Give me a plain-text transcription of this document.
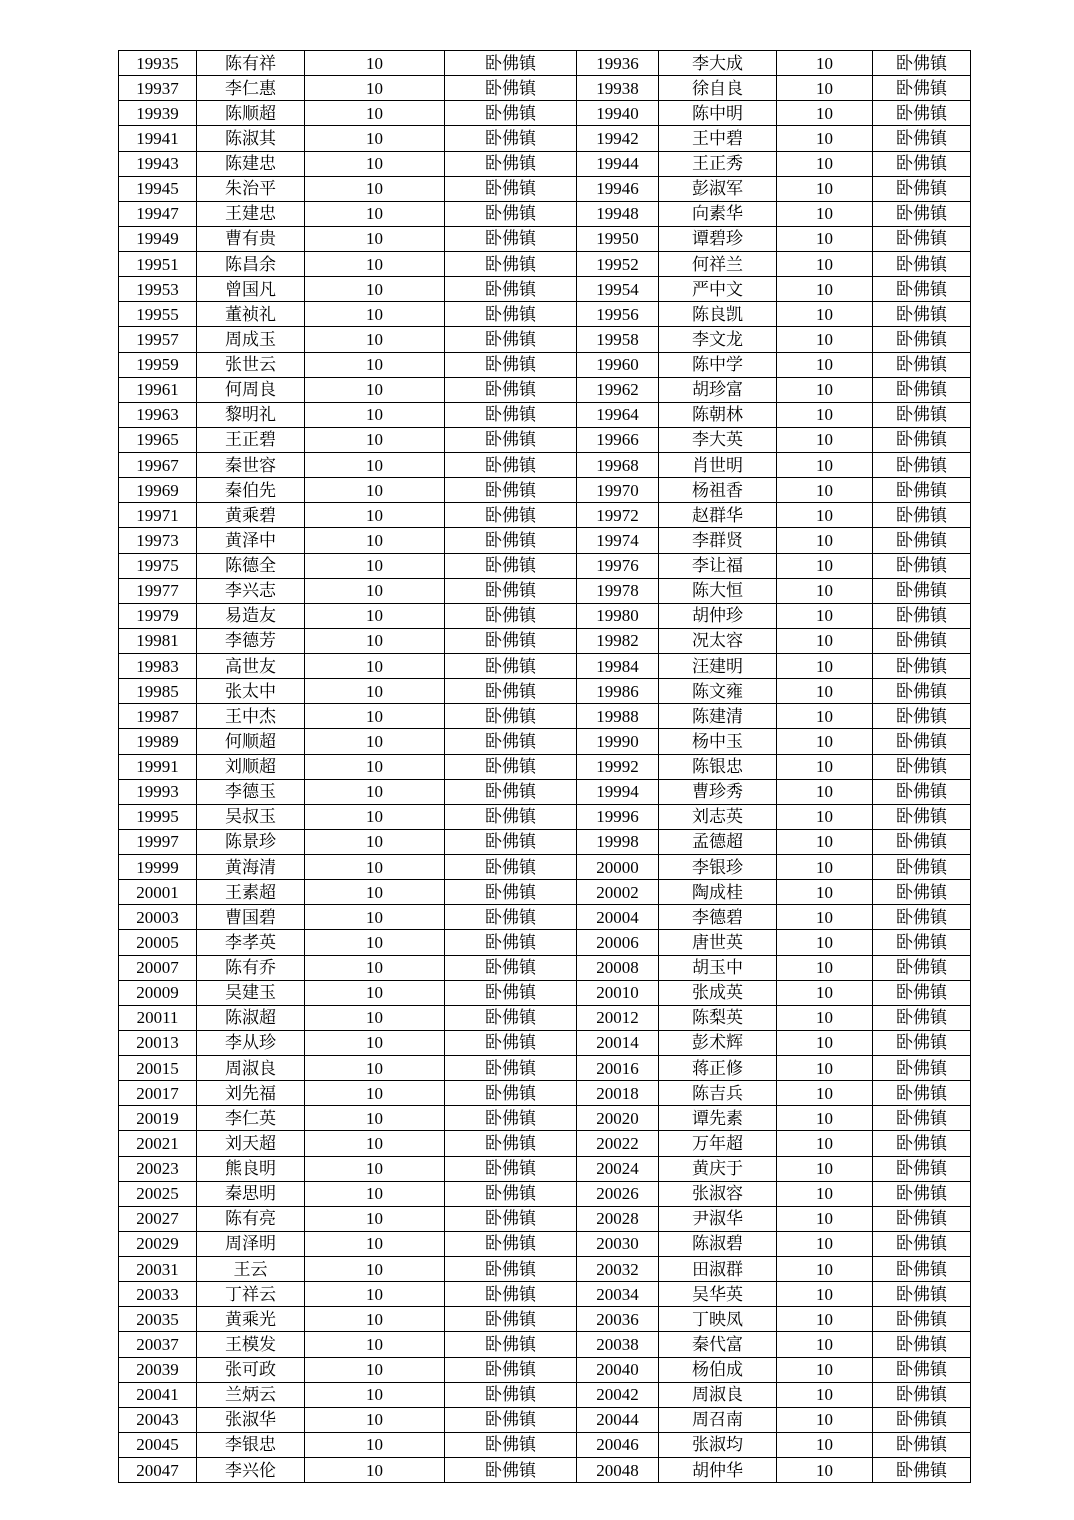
19935	陈有祥	10	卧佛镇	19936	李大成	10	卧佛镇
19937	李仁惠	10	卧佛镇	19938	徐自良	10	卧佛镇
19939	陈顺超	10	卧佛镇	19940	陈中明	10	卧佛镇
19941	陈淑其	10	卧佛镇	19942	王中碧	10	卧佛镇
19943	陈建忠	10	卧佛镇	19944	王正秀	10	卧佛镇
19945	朱治平	10	卧佛镇	19946	彭淑军	10	卧佛镇
19947	王建忠	10	卧佛镇	19948	向素华	10	卧佛镇
19949	曹有贵	10	卧佛镇	19950	谭碧珍	10	卧佛镇
19951	陈昌余	10	卧佛镇	19952	何祥兰	10	卧佛镇
19953	曾国凡	10	卧佛镇	19954	严中文	10	卧佛镇
19955	董祯礼	10	卧佛镇	19956	陈良凯	10	卧佛镇
19957	周成玉	10	卧佛镇	19958	李文龙	10	卧佛镇
19959	张世云	10	卧佛镇	19960	陈中学	10	卧佛镇
19961	何周良	10	卧佛镇	19962	胡珍富	10	卧佛镇
19963	黎明礼	10	卧佛镇	19964	陈朝林	10	卧佛镇
19965	王正碧	10	卧佛镇	19966	李大英	10	卧佛镇
19967	秦世容	10	卧佛镇	19968	肖世明	10	卧佛镇
19969	秦伯先	10	卧佛镇	19970	杨祖香	10	卧佛镇
19971	黄乘碧	10	卧佛镇	19972	赵群华	10	卧佛镇
19973	黄泽中	10	卧佛镇	19974	李群贤	10	卧佛镇
19975	陈德全	10	卧佛镇	19976	李让福	10	卧佛镇
19977	李兴志	10	卧佛镇	19978	陈大恒	10	卧佛镇
19979	易造友	10	卧佛镇	19980	胡仲珍	10	卧佛镇
19981	李德芳	10	卧佛镇	19982	况太容	10	卧佛镇
19983	高世友	10	卧佛镇	19984	汪建明	10	卧佛镇
19985	张太中	10	卧佛镇	19986	陈文雍	10	卧佛镇
19987	王中杰	10	卧佛镇	19988	陈建清	10	卧佛镇
19989	何顺超	10	卧佛镇	19990	杨中玉	10	卧佛镇
19991	刘顺超	10	卧佛镇	19992	陈银忠	10	卧佛镇
19993	李德玉	10	卧佛镇	19994	曹珍秀	10	卧佛镇
19995	吴叔玉	10	卧佛镇	19996	刘志英	10	卧佛镇
19997	陈景珍	10	卧佛镇	19998	孟德超	10	卧佛镇
19999	黄海清	10	卧佛镇	20000	李银珍	10	卧佛镇
20001	王素超	10	卧佛镇	20002	陶成桂	10	卧佛镇
20003	曹国碧	10	卧佛镇	20004	李德碧	10	卧佛镇
20005	李孝英	10	卧佛镇	20006	唐世英	10	卧佛镇
20007	陈有乔	10	卧佛镇	20008	胡玉中	10	卧佛镇
20009	吴建玉	10	卧佛镇	20010	张成英	10	卧佛镇
20011	陈淑超	10	卧佛镇	20012	陈梨英	10	卧佛镇
20013	李从珍	10	卧佛镇	20014	彭术辉	10	卧佛镇
20015	周淑良	10	卧佛镇	20016	蒋正修	10	卧佛镇
20017	刘先福	10	卧佛镇	20018	陈吉兵	10	卧佛镇
20019	李仁英	10	卧佛镇	20020	谭先素	10	卧佛镇
20021	刘天超	10	卧佛镇	20022	万年超	10	卧佛镇
20023	熊良明	10	卧佛镇	20024	黄庆于	10	卧佛镇
20025	秦思明	10	卧佛镇	20026	张淑容	10	卧佛镇
20027	陈有亮	10	卧佛镇	20028	尹淑华	10	卧佛镇
20029	周泽明	10	卧佛镇	20030	陈淑碧	10	卧佛镇
20031	王云	10	卧佛镇	20032	田淑群	10	卧佛镇
20033	丁祥云	10	卧佛镇	20034	吴华英	10	卧佛镇
20035	黄乘光	10	卧佛镇	20036	丁映凤	10	卧佛镇
20037	王模发	10	卧佛镇	20038	秦代富	10	卧佛镇
20039	张可政	10	卧佛镇	20040	杨伯成	10	卧佛镇
20041	兰炳云	10	卧佛镇	20042	周淑良	10	卧佛镇
20043	张淑华	10	卧佛镇	20044	周召南	10	卧佛镇
20045	李银忠	10	卧佛镇	20046	张淑均	10	卧佛镇
20047	李兴伦	10	卧佛镇	20048	胡仲华	10	卧佛镇
